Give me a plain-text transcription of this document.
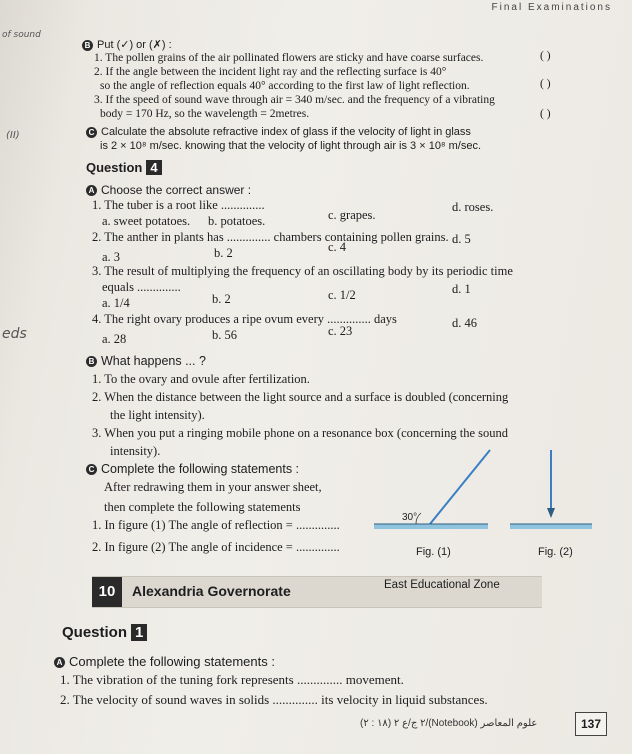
Final Examinations
of sound
(II)
eds
B Put (✓) or (✗) :
1. The pollen grains of the air pollinated flowers are sticky and have coarse surfaces.	( )
2. If the angle between the incident light ray and the reflecting surface is 40°
so the angle of reflection equals 40° according to the first law of light reflection.	( )
3. If the speed of sound wave through air = 340 m/sec. and the frequency of a vibrating
body = 170 Hz, so the wavelength = 2metres.	( )
C Calculate the absolute refractive index of glass if the velocity of light in glass
is 2 × 10⁸ m/sec. knowing that the velocity of light through air is 3 × 10⁸ m/sec.
Question 4
A Choose the correct answer :
1. The tuber is a root like ..............
a. sweet potatoes. b. potatoes.	c. grapes.
d. roses.
2. The anther in plants has .............. chambers containing pollen grains.
a. 3	b. 2	c. 4
d. 5
3. The result of multiplying the frequency of an oscillating body by its periodic time
equals ..............
a. 1/4	b. 2	c. 1/2	d. 1
4. The right ovary produces a ripe ovum every .............. days
a. 28	b. 56	c. 23
d. 46
B What happens ... ?
1. To the ovary and ovule after fertilization.
2. When the distance between the light source and a surface is doubled (concerning
the light intensity).
3. When you put a ringing mobile phone on a resonance box (concerning the sound
intensity).
C Complete the following statements :
After redrawing them in your answer sheet,
then complete the following statements
1. In figure (1) The angle of reflection = ..............
2. In figure (2) The angle of incidence = ..............
30°
Fig. (1)	Fig. (2)
10	Alexandria Governorate	East Educational Zone
Question 1
A Complete the following statements :
1. The vibration of the tuning fork represents .............. movement.
2. The velocity of sound waves in solids .............. its velocity in liquid substances.
(١٨ : ٢) ٢ ج/ع ٢/(Notebook) علوم المعاصر	137
